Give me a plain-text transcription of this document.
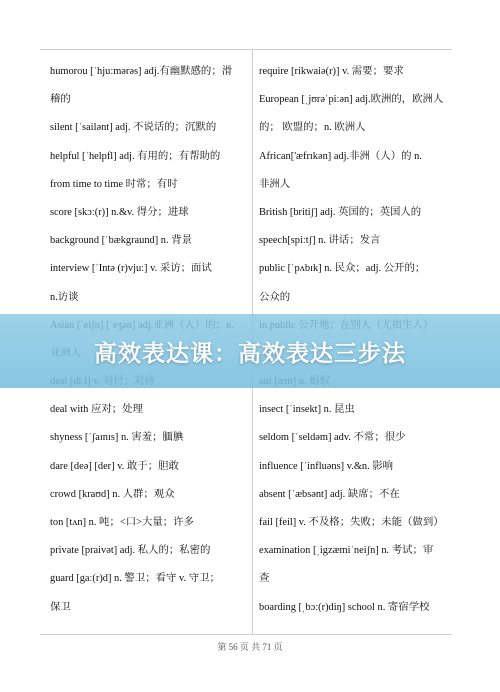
humorou [ˈhjuːmərəs] adj.有幽默感的；滑
稽的
silent [ˈsailənt] adj. 不说话的；沉默的
helpful [ˈhelpfl] adj. 有用的；有帮助的
from time to time 时常；有时
score [skɔː(r)] n.&v. 得分；进球
background [ˈbækgraund] n. 背景
interview [ˈIntə (r)vjuː] v. 采访；面试
n.访谈
deal with 应对；处理
shyness [ˈʃaɪnɪs] n. 害羞；腼腆
dare [deə] [der] v. 敢于；胆敢
crowd [kraʊd] n. 人群；观众
ton [tʌn] n. 吨；<口>大量；许多
private [praivət] adj. 私人的；私密的
guard [gaː(r)d] n. 警卫；看守 v. 守卫；
保卫
require [rikwaiə(r)] v. 需要；要求
European [ˌjʊrəˈpiːən] adj.欧洲的，欧洲人
的； 欧盟的；n. 欧洲人
African['æfrɪkən] adj.非洲（人）的 n.
非洲人
British [britiʃ] adj. 英国的；英国人的
speech[spiːtʃ] n. 讲话；发言
public [ˈpʌbɪk] n. 民众；adj. 公开的；
公众的
insect [ˈinsekt] n. 昆虫
seldom [ˈseldəm] adv. 不常；很少
influence [ˈinfluəns] v.&n. 影响
absent [ˈæbsənt] adj. 缺席；不在
fail [feil] v. 不及格；失败；未能（做到）
examination [ˌigzæmiˈneiʃn] n. 考试；审
查
boarding [ˌbɔː(r)diŋ] school n. 寄宿学校
高效表达课：高效表达三步法
第 56 页 共 71 页
